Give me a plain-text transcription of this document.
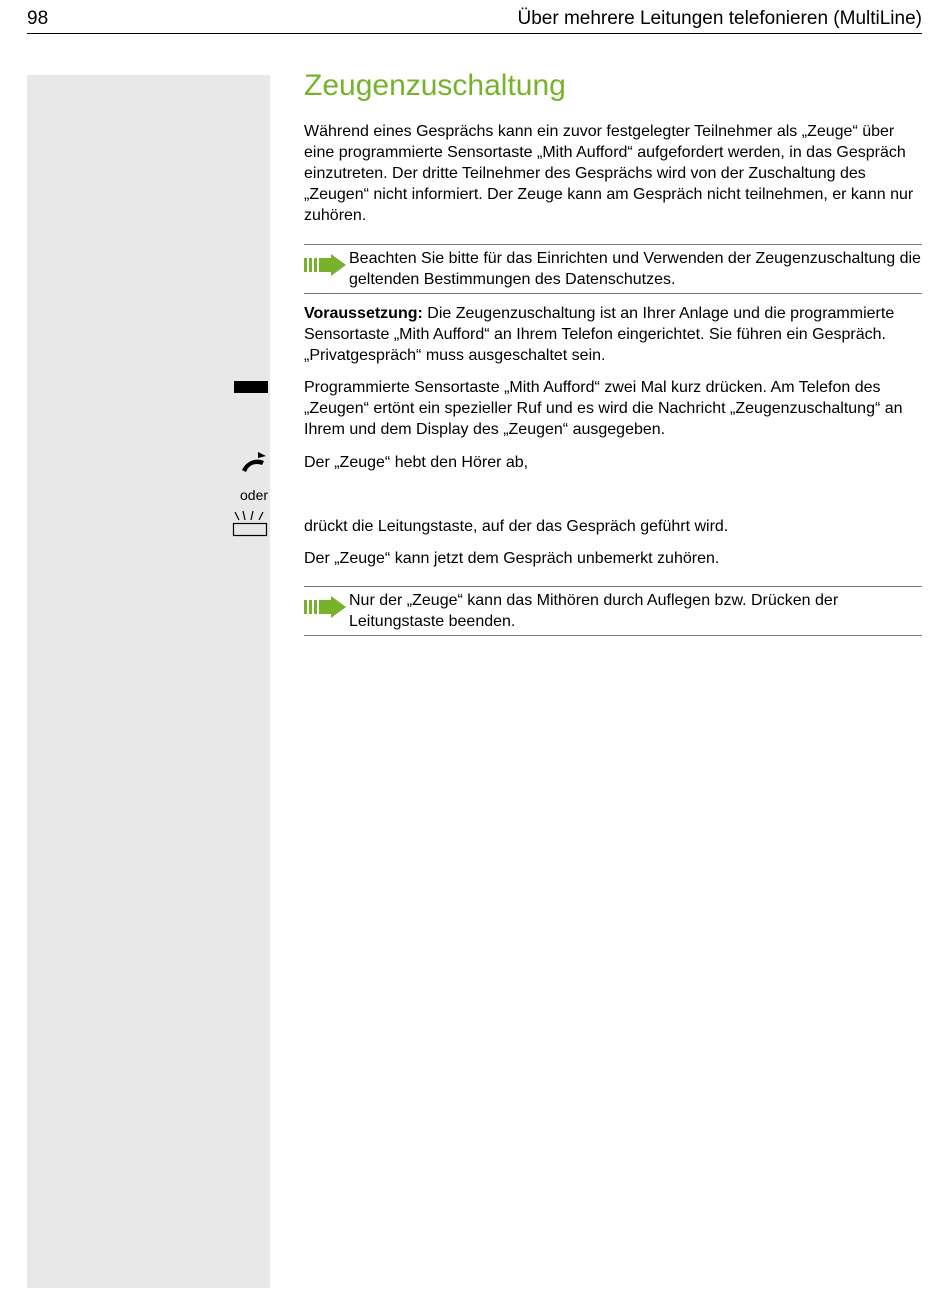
98	Über mehrere Leitungen telefonieren (MultiLine)
Zeugenzuschaltung

Während eines Gesprächs kann ein zuvor festgelegter Teilnehmer als „Zeuge“ über eine programmierte Sensortaste „Mith Aufford“ aufgefordert werden, in das Gespräch einzutreten. Der dritte Teilnehmer des Gesprächs wird von der Zuschaltung des „Zeugen“ nicht informiert. Der Zeuge kann am Gespräch nicht teilnehmen, er kann nur zuhören.

Beachten Sie bitte für das Einrichten und Verwenden der Zeugenzuschaltung die geltenden Bestimmungen des Datenschutzes.

Voraussetzung: Die Zeugenzuschaltung ist an Ihrer Anlage und die programmierte Sensortaste „Mith Aufford“ an Ihrem Telefon eingerichtet. Sie führen ein Gespräch. „Privatgespräch“ muss ausgeschaltet sein.

Programmierte Sensortaste „Mith Aufford“ zwei Mal kurz drücken. Am Telefon des „Zeugen“ ertönt ein spezieller Ruf und es wird die Nachricht „Zeugenzuschaltung“ an Ihrem und dem Display des „Zeugen“ ausgegeben.

Der „Zeuge“ hebt den Hörer ab,

oder

drückt die Leitungstaste, auf der das Gespräch geführt wird.

Der „Zeuge“ kann jetzt dem Gespräch unbemerkt zuhören.

Nur der „Zeuge“ kann das Mithören durch Auflegen bzw. Drücken der Leitungstaste beenden.
